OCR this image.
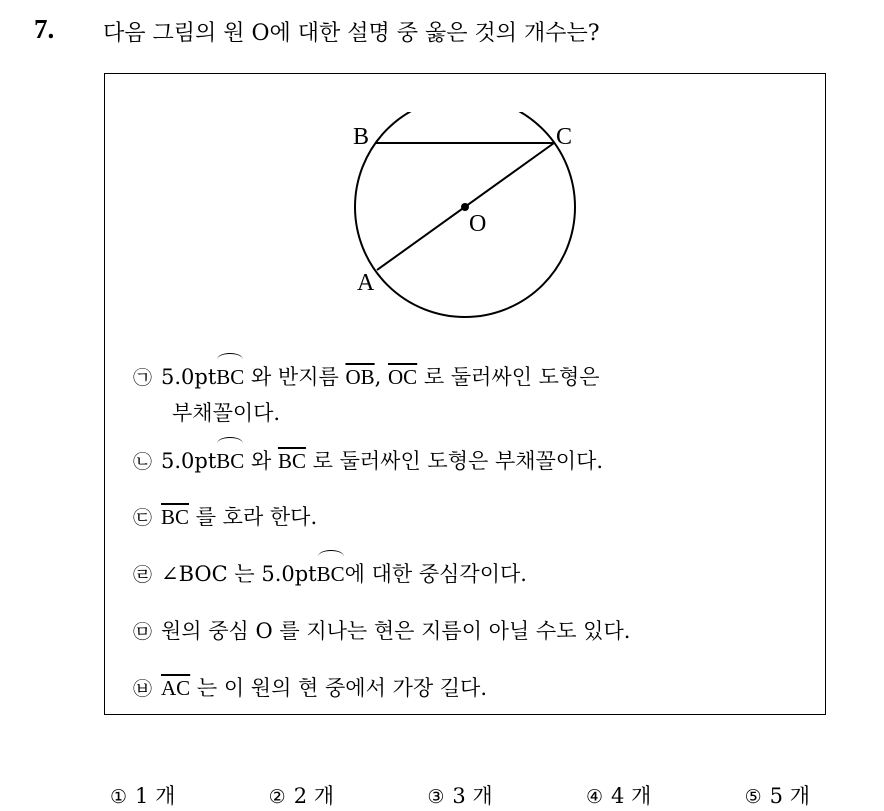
7. 다음 그림의 원 O에 대한 설명 중 옳은 것의 개수는?
B	C
O
A
㉠ 5.0ptBC 와 반지름 $\overline{OB}$, $\overline{OC}$ 로 둘러싸인 도형은
부채꼴이다.
㉡ 5.0ptBC 와 $\overline{BC}$ 로 둘러싸인 도형은 부채꼴이다.
㉢ $\overline{BC}$ 를 호라 한다.
㉣ ∠BOC 는 5.0ptBC에 대한 중심각이다.
㉤ 원의 중심 O 를 지나는 현은 지름이 아닐 수도 있다.
㉥ $\overline{AC}$ 는 이 원의 현 중에서 가장 길다.
① 1 개	② 2 개	③ 3 개	④ 4 개	⑤ 5 개
